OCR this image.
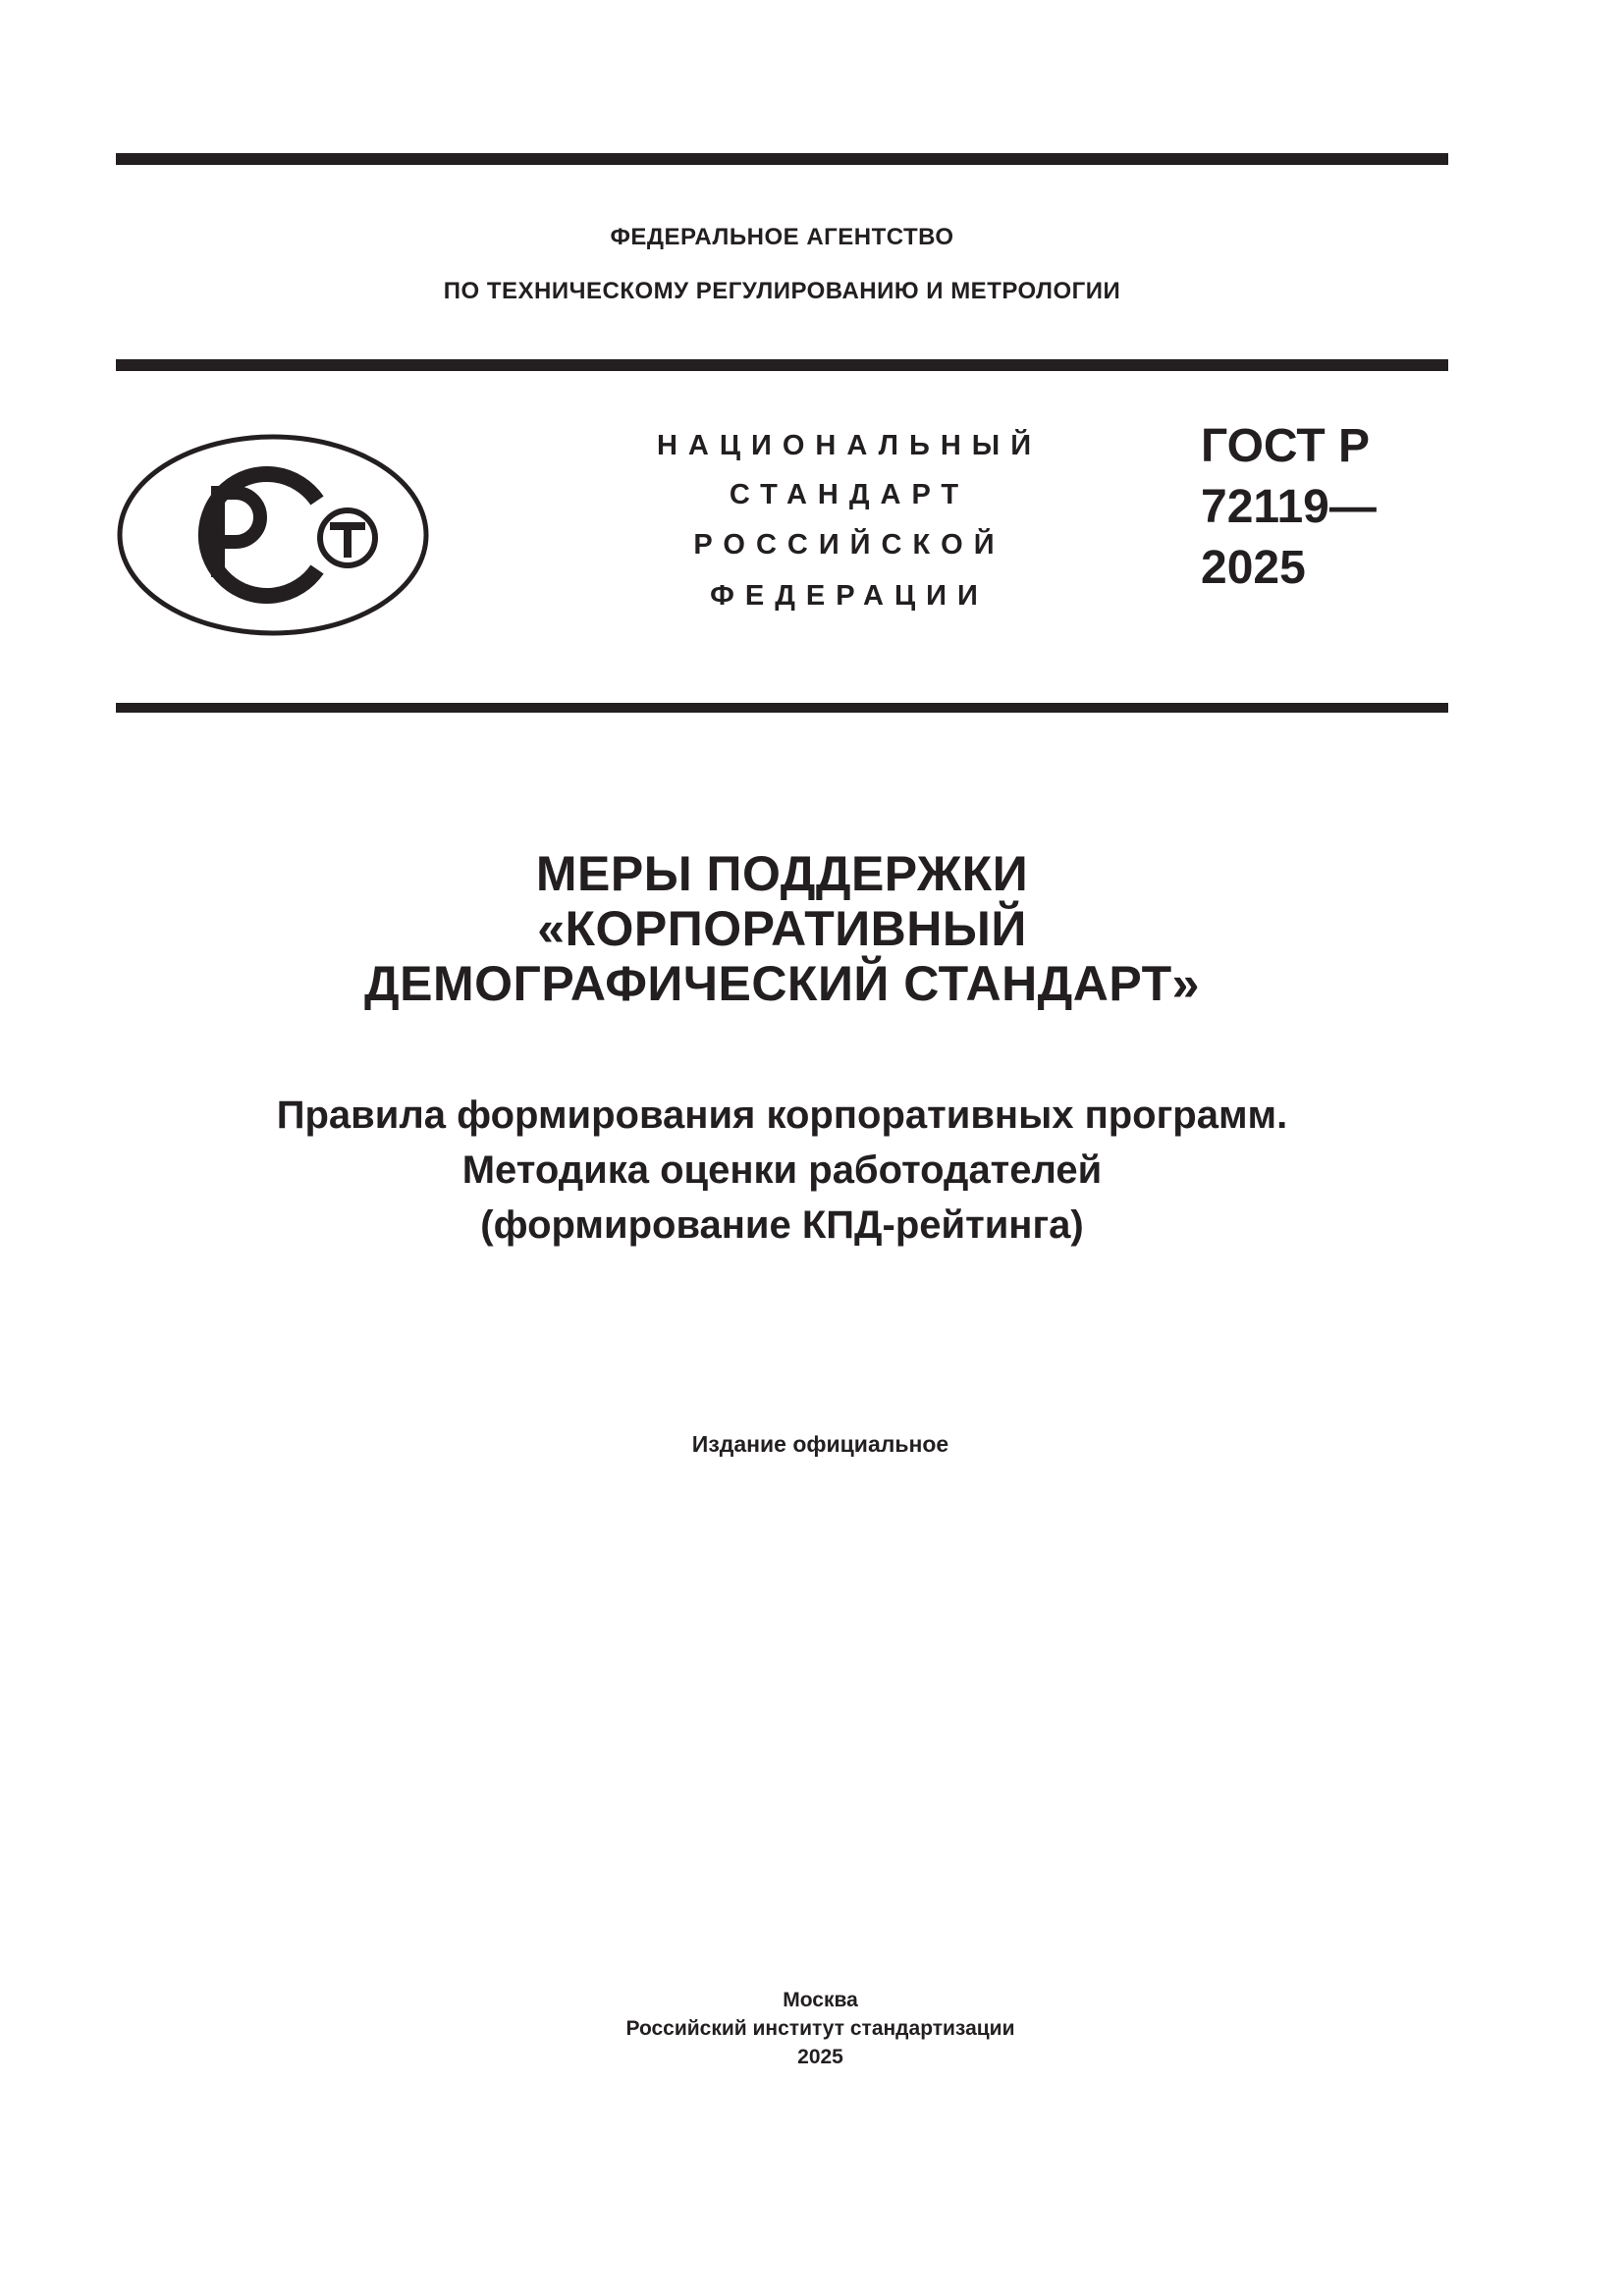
ФЕДЕРАЛЬНОЕ АГЕНТСТВО
ПО ТЕХНИЧЕСКОМУ РЕГУЛИРОВАНИЮ И МЕТРОЛОГИИ
НАЦИОНАЛЬНЫЙ
СТАНДАРТ
РОССИЙСКОЙ
ФЕДЕРАЦИИ
ГОСТ Р
72119—
2025
МЕРЫ ПОДДЕРЖКИ
«КОРПОРАТИВНЫЙ
ДЕМОГРАФИЧЕСКИЙ СТАНДАРТ»
Правила формирования корпоративных программ.
Методика оценки работодателей
(формирование КПД-рейтинга)
Издание официальное
Москва
Российский институт стандартизации
2025
